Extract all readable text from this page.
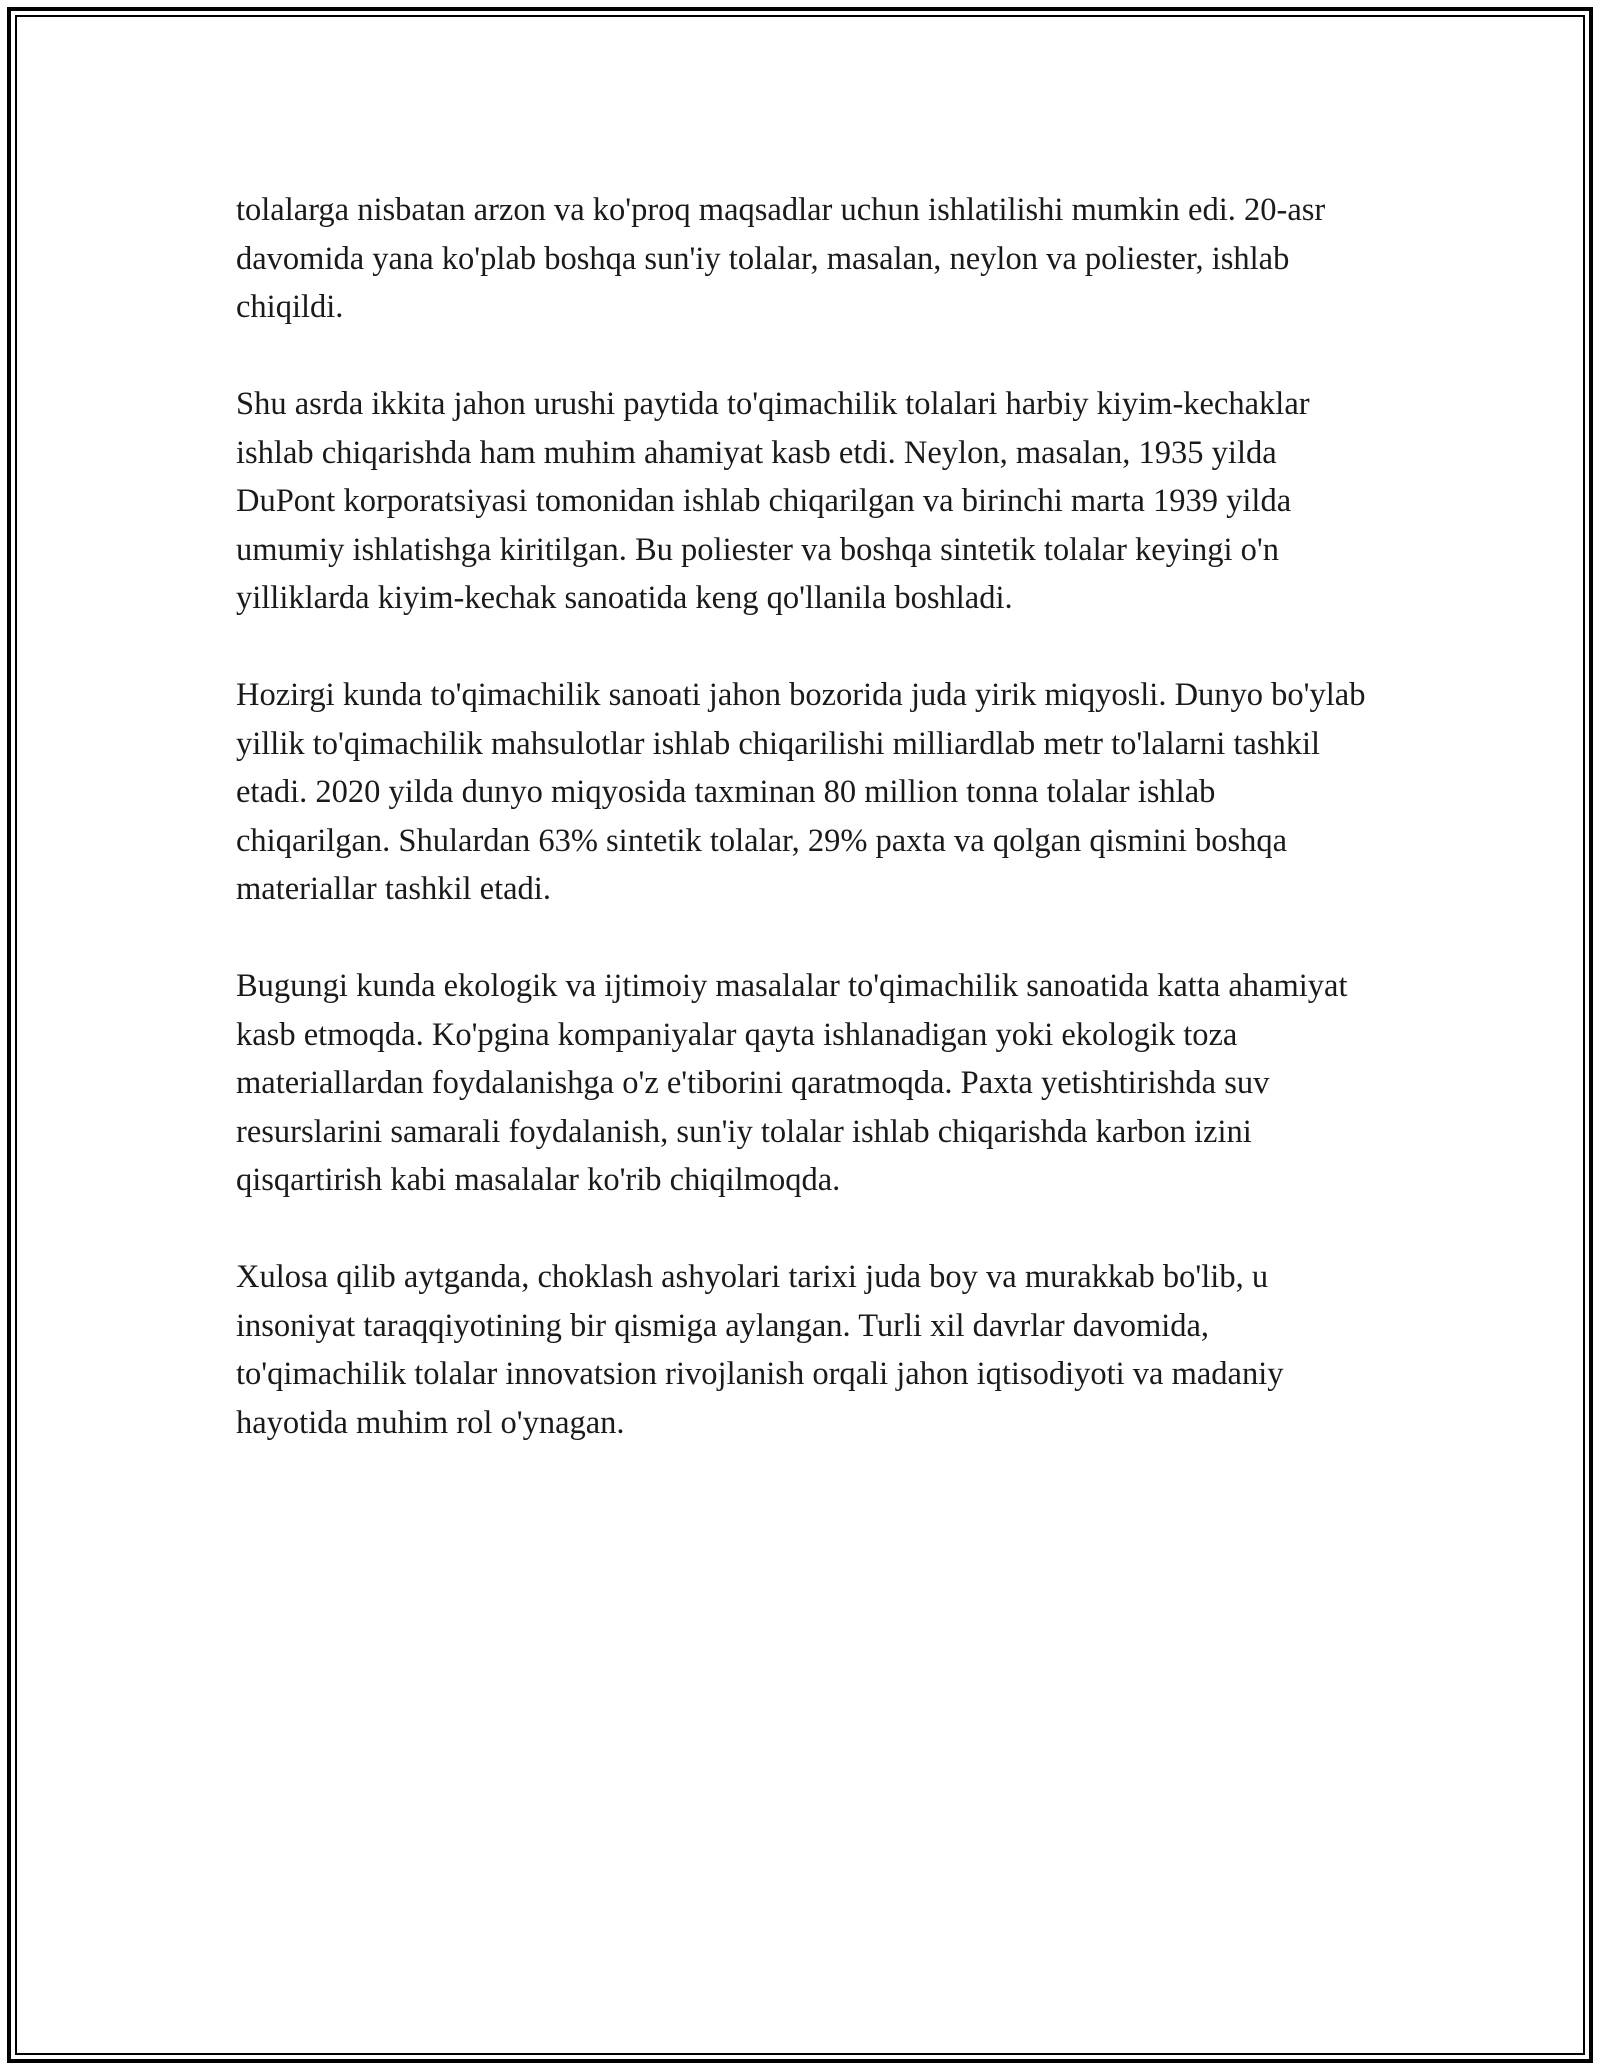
tolalarga nisbatan arzon va ko'proq maqsadlar uchun ishlatilishi mumkin edi. 20-asr davomida yana ko'plab boshqa sun'iy tolalar, masalan, neylon va poliester, ishlab chiqildi.

Shu asrda ikkita jahon urushi paytida to'qimachilik tolalari harbiy kiyim-kechaklar ishlab chiqarishda ham muhim ahamiyat kasb etdi. Neylon, masalan, 1935 yilda DuPont korporatsiyasi tomonidan ishlab chiqarilgan va birinchi marta 1939 yilda umumiy ishlatishga kiritilgan. Bu poliester va boshqa sintetik tolalar keyingi o'n yilliklarda kiyim-kechak sanoatida keng qo'llanila boshladi.

Hozirgi kunda to'qimachilik sanoati jahon bozorida juda yirik miqyosli. Dunyo bo'ylab yillik to'qimachilik mahsulotlar ishlab chiqarilishi milliardlab metr to'lalarni tashkil etadi. 2020 yilda dunyo miqyosida taxminan 80 million tonna tolalar ishlab chiqarilgan. Shulardan 63% sintetik tolalar, 29% paxta va qolgan qismini boshqa materiallar tashkil etadi.

Bugungi kunda ekologik va ijtimoiy masalalar to'qimachilik sanoatida katta ahamiyat kasb etmoqda. Ko'pgina kompaniyalar qayta ishlanadigan yoki ekologik toza materiallardan foydalanishga o'z e'tiborini qaratmoqda. Paxta yetishtirishda suv resurslarini samarali foydalanish, sun'iy tolalar ishlab chiqarishda karbon izini qisqartirish kabi masalalar ko'rib chiqilmoqda.

Xulosa qilib aytganda, choklash ashyolari tarixi juda boy va murakkab bo'lib, u insoniyat taraqqiyotining bir qismiga aylangan. Turli xil davrlar davomida, to'qimachilik tolalar innovatsion rivojlanish orqali jahon iqtisodiyoti va madaniy hayotida muhim rol o'ynagan.
